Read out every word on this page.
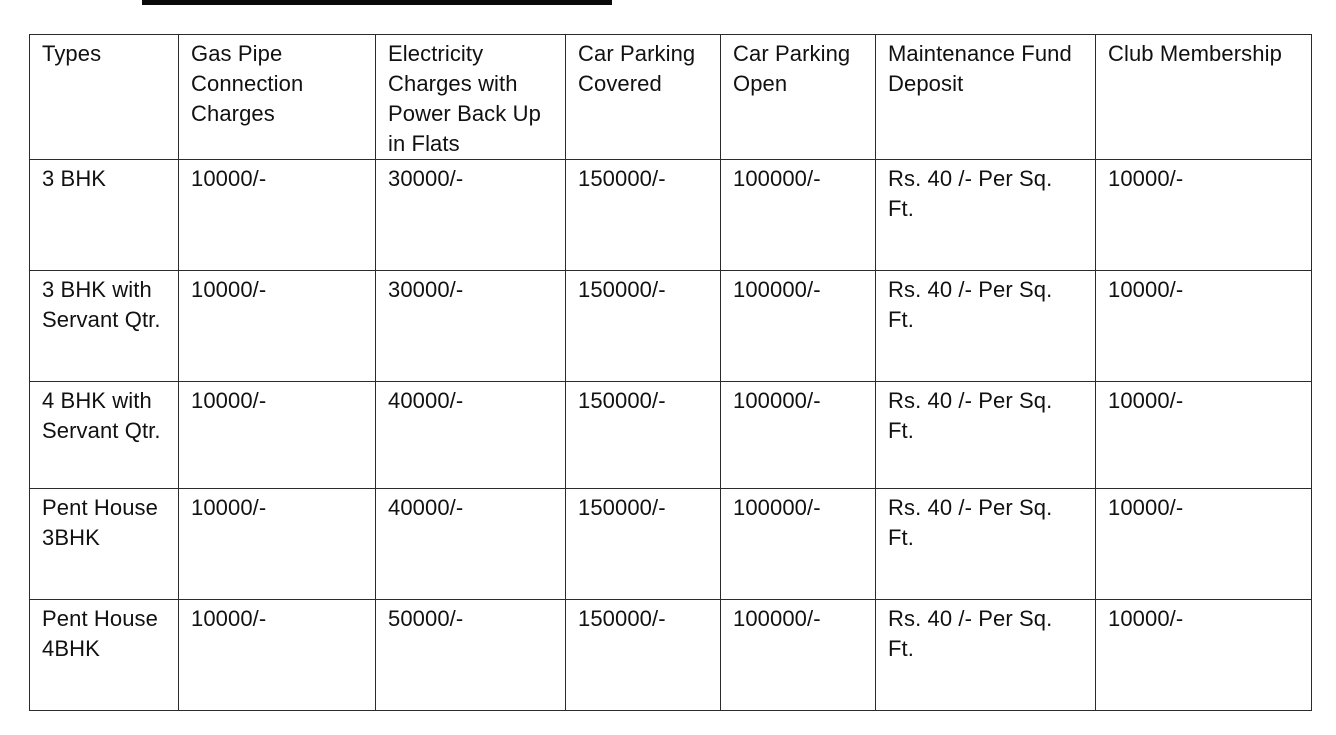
Types	Gas Pipe Connection Charges	Electricity Charges with Power Back Up in Flats	Car Parking Covered	Car Parking Open	Maintenance Fund Deposit	Club Membership
3 BHK	10000/-	30000/-	150000/-	100000/-	Rs. 40 /- Per Sq. Ft.	10000/-
3 BHK with Servant Qtr.	10000/-	30000/-	150000/-	100000/-	Rs. 40 /- Per Sq. Ft.	10000/-
4 BHK with Servant Qtr.	10000/-	40000/-	150000/-	100000/-	Rs. 40 /- Per Sq. Ft.	10000/-
Pent House 3BHK	10000/-	40000/-	150000/-	100000/-	Rs. 40 /- Per Sq. Ft.	10000/-
Pent House 4BHK	10000/-	50000/-	150000/-	100000/-	Rs. 40 /- Per Sq. Ft.	10000/-
